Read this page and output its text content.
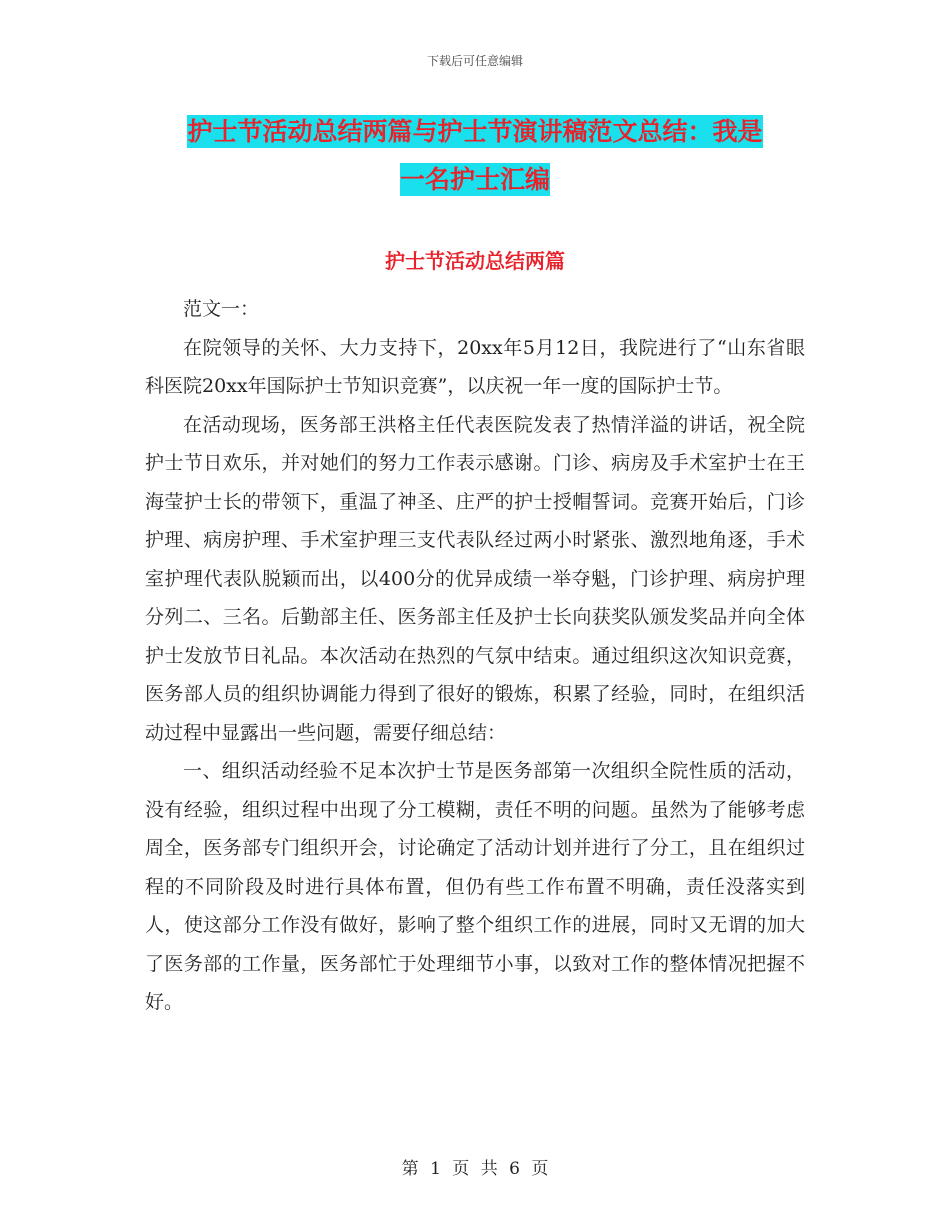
下载后可任意编辑
护士节活动总结两篇与护士节演讲稿范文总结：我是
一名护士汇编
护士节活动总结两篇

范文一：

在院领导的关怀、大力支持下，20xx年5月12日，我院进行了“山东省眼科医院20xx年国际护士节知识竞赛”，以庆祝一年一度的国际护士节。

在活动现场，医务部王洪格主任代表医院发表了热情洋溢的讲话，祝全院护士节日欢乐，并对她们的努力工作表示感谢。门诊、病房及手术室护士在王海莹护士长的带领下，重温了神圣、庄严的护士授帽誓词。竞赛开始后，门诊护理、病房护理、手术室护理三支代表队经过两小时紧张、激烈地角逐，手术室护理代表队脱颖而出，以400分的优异成绩一举夺魁，门诊护理、病房护理分列二、三名。后勤部主任、医务部主任及护士长向获奖队颁发奖品并向全体护士发放节日礼品。本次活动在热烈的气氛中结束。通过组织这次知识竞赛，医务部人员的组织协调能力得到了很好的锻炼，积累了经验，同时，在组织活动过程中显露出一些问题，需要仔细总结：

一、组织活动经验不足本次护士节是医务部第一次组织全院性质的活动，没有经验，组织过程中出现了分工模糊，责任不明的问题。虽然为了能够考虑周全，医务部专门组织开会，讨论确定了活动计划并进行了分工，且在组织过程的不同阶段及时进行具体布置，但仍有些工作布置不明确，责任没落实到人，使这部分工作没有做好，影响了整个组织工作的进展，同时又无谓的加大了医务部的工作量，医务部忙于处理细节小事，以致对工作的整体情况把握不好。

第 1 页 共 6 页
